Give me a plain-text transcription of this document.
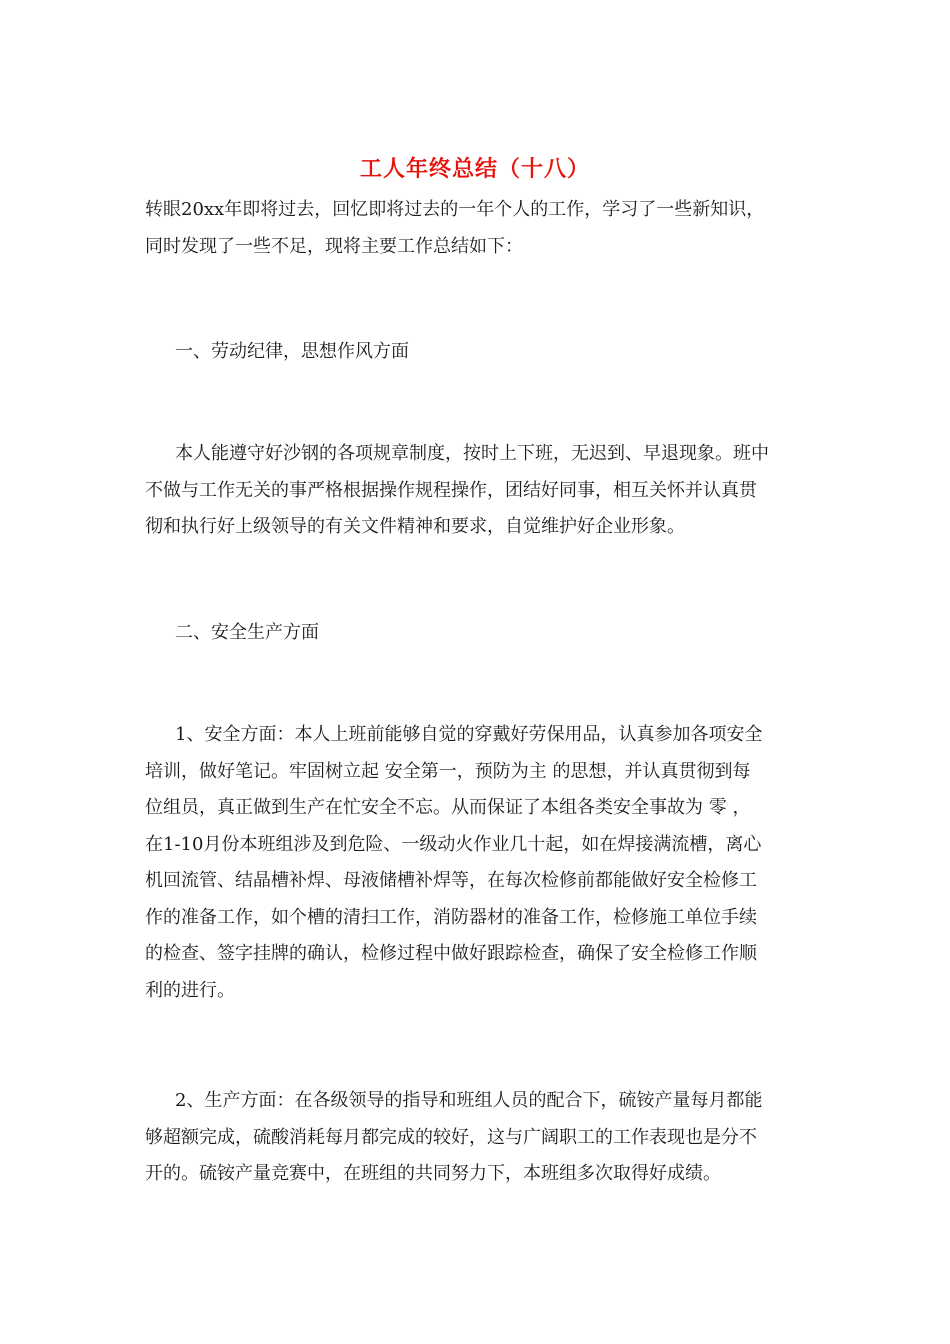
工人年终总结（十八）
转眼20xx年即将过去，回忆即将过去的一年个人的工作，学习了一些新知识，
同时发现了一些不足，现将主要工作总结如下：
一、劳动纪律，思想作风方面
本人能遵守好沙钢的各项规章制度，按时上下班，无迟到、早退现象。班中
不做与工作无关的事严格根据操作规程操作，团结好同事，相互关怀并认真贯
彻和执行好上级领导的有关文件精神和要求，自觉维护好企业形象。
二、安全生产方面
1、安全方面：本人上班前能够自觉的穿戴好劳保用品，认真参加各项安全
培训，做好笔记。牢固树立起 安全第一，预防为主 的思想，并认真贯彻到每
位组员，真正做到生产在忙安全不忘。从而保证了本组各类安全事故为 零 ，
在1-10月份本班组涉及到危险、一级动火作业几十起，如在焊接满流槽，离心
机回流管、结晶槽补焊、母液储槽补焊等，在每次检修前都能做好安全检修工
作的准备工作，如个槽的清扫工作，消防器材的准备工作，检修施工单位手续
的检查、签字挂牌的确认，检修过程中做好跟踪检查，确保了安全检修工作顺
利的进行。
2、生产方面：在各级领导的指导和班组人员的配合下，硫铵产量每月都能
够超额完成，硫酸消耗每月都完成的较好，这与广阔职工的工作表现也是分不
开的。硫铵产量竞赛中，在班组的共同努力下，本班组多次取得好成绩。
